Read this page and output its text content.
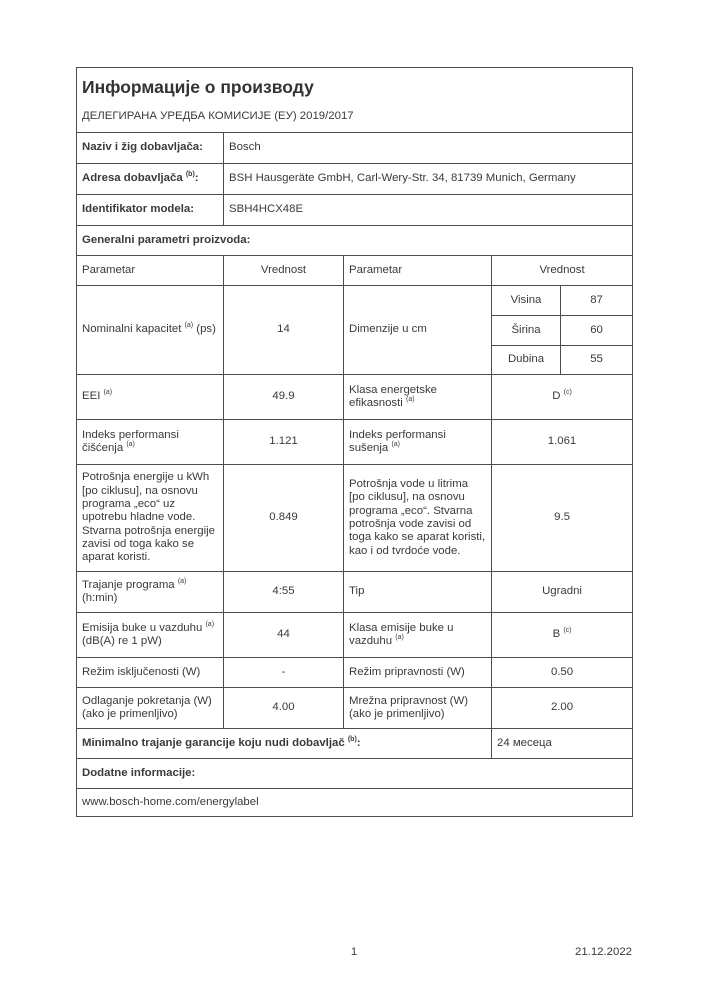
Информације о производу
ДЕЛЕГИРАНА УРЕДБА КОМИСИЈЕ (ЕУ) 2019/2017				

Naziv i žig dobavljača:	Bosch			
Adresa dobavljača $^{(b)}$:	BSH Hausgeräte GmbH, Carl-Wery-Str. 34, 81739 Munich, Germany			
Identifikator modela:	SBH4HCX48E			
Generalni parametri proizvoda:				
Parametar	Vrednost	Parametar	Vrednost	
Nominalni kapacitet $^{(a)}$ (ps)	14	Dimenzije u cm	Visina	87
			Širina	60
			Dubina	55
EEI $^{(a)}$	49.9	Klasa energetske efikasnosti $^{(a)}$	D $^{(c)}$
Indeks performansi čišćenja $^{(a)}$	1.121	Indeks performansi sušenja $^{(a)}$	1.061	
Potrošnja energije u kWh [po ciklusu], na osnovu programa „eco“ uz upotrebu hladne vode. Stvarna potrošnja energije zavisi od toga kako se aparat koristi.	0.849	Potrošnja vode u litrima [po ciklusu], na osnovu programa „eco“. Stvarna potrošnja vode zavisi od toga kako se aparat koristi, kao i od tvrdoće vode.	9.5	
Trajanje programa $^{(a)}$ (h:min)	4:55	Tip	Ugradni	
Emisija buke u vazduhu $^{(a)}$ (dB(A) re 1 pW)	44	Klasa emisije buke u vazduhu $^{(a)}$	B $^{(c)}$
Režim isključenosti (W)	-	Režim pripravnosti (W)	0.50	
Odlaganje pokretanja (W) (ako je primenljivo)	4.00	Mrežna pripravnost (W) (ako je primenljivo)	2.00	
Minimalno trajanje garancije koju nudi dobavljač $^{(b)}$:			24 месеца	
Dodatne informacije:				
www.bosch-home.com/energylabel				
1	21.12.2022
